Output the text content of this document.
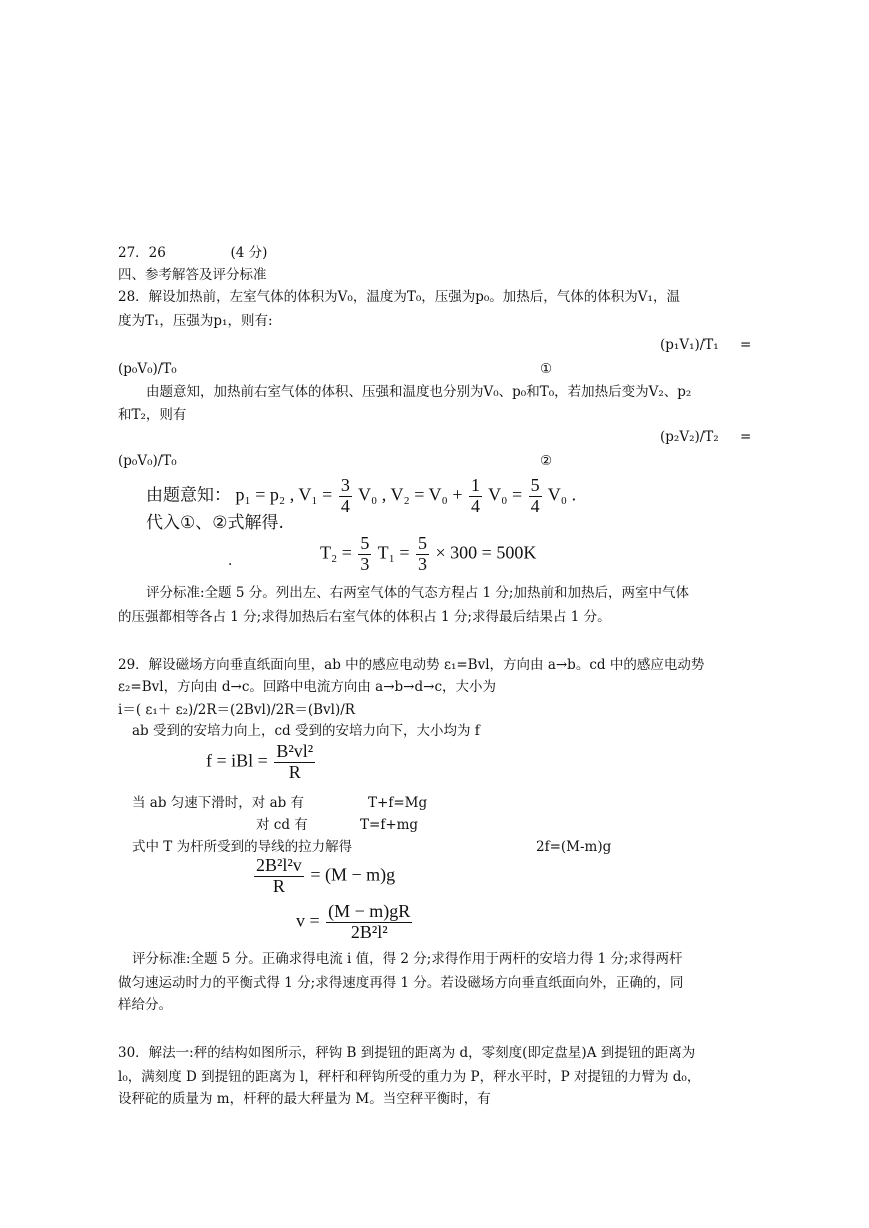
27．26	(4 分)
四、参考解答及评分标准
28．解设加热前，左室气体的体积为V₀，温度为T₀，压强为p₀。加热后，气体的体积为V₁，温
度为T₁，压强为p₁，则有:
(p₁V₁)/T₁ =
(p₀V₀)/T₀	①
由题意知，加热前右室气体的体积、压强和温度也分别为V₀、p₀和T₀，若加热后变为V₂、p₂
和T₂，则有
(p₂V₂)/T₂ =
(p₀V₀)/T₀	②
由题意知： p₁ = p₂ , $V_1 = \frac{3}{4} V_0$ , $V_2 = V_0 + \frac{1}{4} V_0 = \frac{5}{4} V_0$ .
代入①、②式解得.
.	$T_2 = \frac{5}{3} T_1 = \frac{5}{3} \times 300 = 500K$
评分标准:全题 5 分。列出左、右两室气体的气态方程占 1 分;加热前和加热后，两室中气体
的压强都相等各占 1 分;求得加热后右室气体的体积占 1 分;求得最后结果占 1 分。
29．解设磁场方向垂直纸面向里，ab 中的感应电动势 ε₁=Bvl，方向由 a→b。cd 中的感应电动势
ε₂=Bvl，方向由 d→c。回路中电流方向由 a→b→d→c，大小为
i＝( ε₁＋ ε₂)/2R＝(2Bvl)/2R＝(Bvl)/R
ab 受到的安培力向上，cd 受到的安培力向下，大小均为 f
f = iBl = $\frac{\text{B²vl²}}{R}$
当 ab 匀速下滑时，对 ab 有	T+f=Mg
对 cd 有	T=f+mg
式中 T 为杆所受到的导线的拉力解得	2f=(M-m)g
$\frac{\text{2B²l²v}}{R} = (M - m)g$
$v = \frac{(M - m)gR}{\text{2B²l²}}$
评分标准:全题 5 分。正确求得电流 i 值，得 2 分;求得作用于两杆的安培力得 1 分;求得两杆
做匀速运动时力的平衡式得 1 分;求得速度再得 1 分。若设磁场方向垂直纸面向外，正确的，同
样给分。
30．解法一:秤的结构如图所示，秤钩 B 到提钮的距离为 d，零刻度(即定盘星)A 到提钮的距离为
l₀，满刻度 D 到提钮的距离为 l，秤杆和秤钩所受的重力为 P，秤水平时，P 对提钮的力臂为 d₀，
设秤砣的质量为 m，杆秤的最大秤量为 M。当空秤平衡时，有
